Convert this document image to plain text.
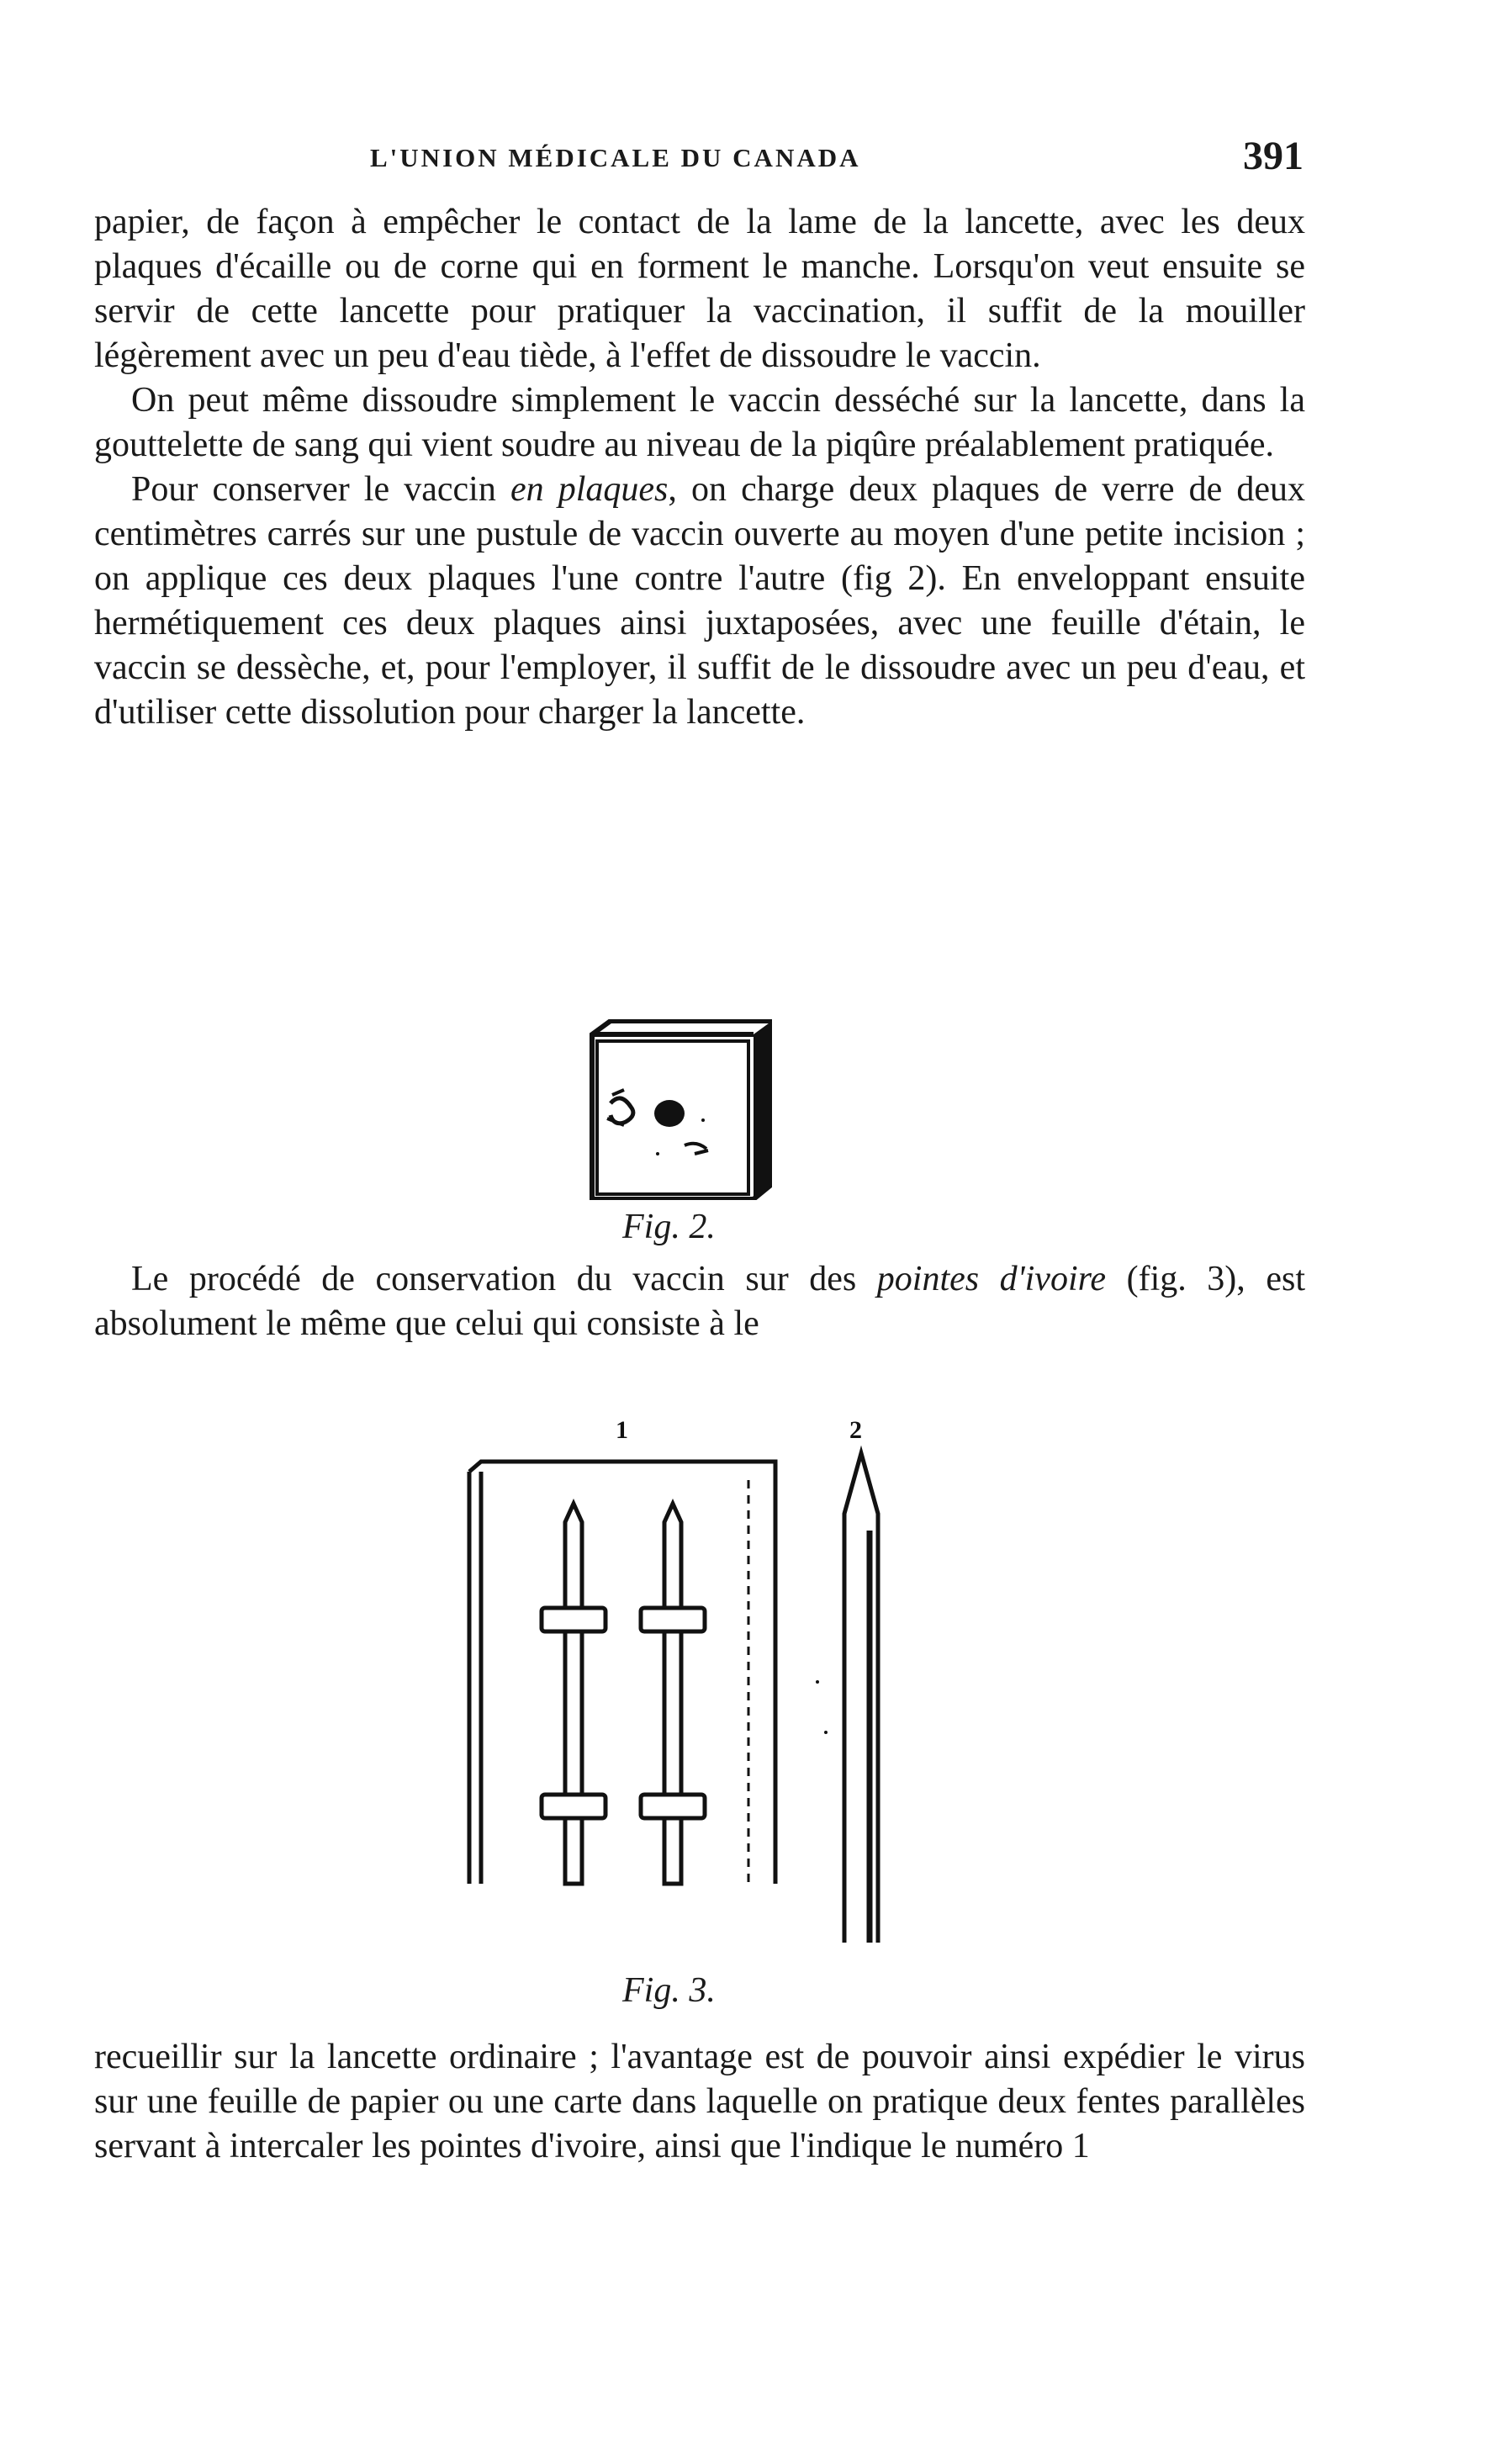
L'UNION MÉDICALE DU CANADA	391

papier, de façon à empêcher le contact de la lame de la lancette, avec les deux plaques d'écaille ou de corne qui en forment le manche. Lorsqu'on veut ensuite se servir de cette lancette pour pratiquer la vaccination, il suffit de la mouiller légèrement avec un peu d'eau tiède, à l'effet de dissoudre le vaccin.

On peut même dissoudre simplement le vaccin desséché sur la lancette, dans la gouttelette de sang qui vient soudre au niveau de la piqûre préalablement pratiquée.

Pour conserver le vaccin en plaques, on charge deux plaques de verre de deux centimètres carrés sur une pustule de vaccin ouverte au moyen d'une petite incision ; on applique ces deux plaques l'une contre l'autre (fig 2). En enveloppant ensuite hermétiquement ces deux plaques ainsi juxtaposées, avec une feuille d'étain, le vaccin se dessèche, et, pour l'employer, il suffit de le dissoudre avec un peu d'eau, et d'utiliser cette dissolution pour charger la lancette.

Fig. 2.

Le procédé de conservation du vaccin sur des pointes d'ivoire (fig. 3), est absolument le même que celui qui consiste à le

1	2
Fig. 3.

recueillir sur la lancette ordinaire ; l'avantage est de pouvoir ainsi expédier le virus sur une feuille de papier ou une carte dans laquelle on pratique deux fentes parallèles servant à intercaler les pointes d'ivoire, ainsi que l'indique le numéro 1
